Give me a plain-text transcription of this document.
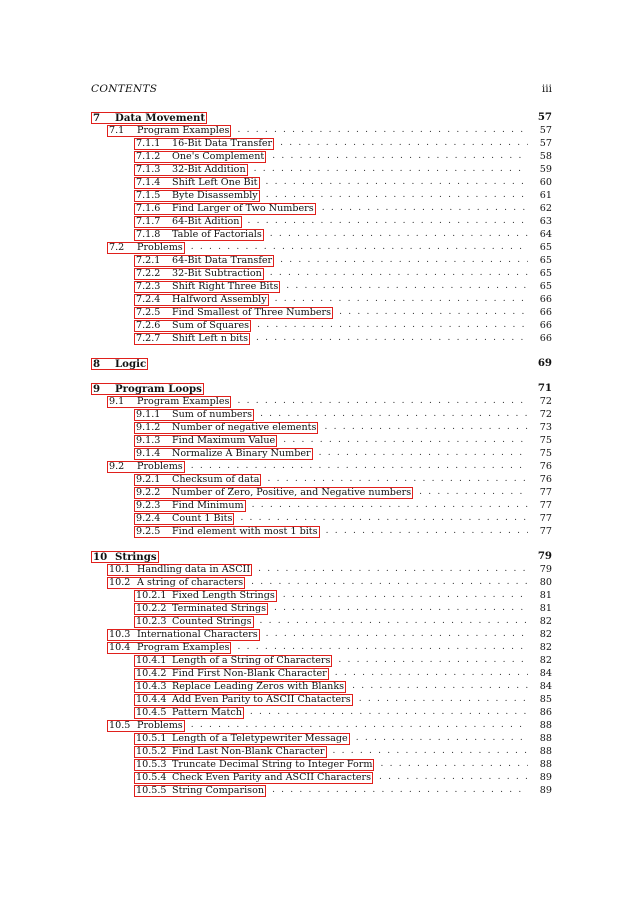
CONTENTS	iii
7	Data Movement	57
7.1	Program Examples . . .	57
7.1.1	16-Bit Data Transfer . . .	57
7.1.2	One's Complement . . .	58
7.1.3	32-Bit Addition . . .	59
7.1.4	Shift Left One Bit . . .	60
7.1.5	Byte Disassembly . . .	61
7.1.6	Find Larger of Two Numbers . . .	62
7.1.7	64-Bit Adition . . .	63
7.1.8	Table of Factorials . . .	64
7.2	Problems . . .	65
7.2.1	64-Bit Data Transfer . . .	65
7.2.2	32-Bit Subtraction . . .	65
7.2.3	Shift Right Three Bits . . .	65
7.2.4	Halfword Assembly . . .	66
7.2.5	Find Smallest of Three Numbers . . .	66
7.2.6	Sum of Squares . . .	66
7.2.7	Shift Left n bits . . .	66
8	Logic	69
9	Program Loops	71
9.1	Program Examples . . .	72
9.1.1	Sum of numbers . . .	72
9.1.2	Number of negative elements . . .	73
9.1.3	Find Maximum Value . . .	75
9.1.4	Normalize A Binary Number . . .	75
9.2	Problems . . .	76
9.2.1	Checksum of data . . .	76
9.2.2	Number of Zero, Positive, and Negative numbers . . .	77
9.2.3	Find Minimum . . .	77
9.2.4	Count 1 Bits . . .	77
9.2.5	Find element with most 1 bits . . .	77
10 Strings	79
10.1 Handling data in ASCII . . .	79
10.2 A string of characters . . .	80
10.2.1 Fixed Length Strings . . .	81
10.2.2 Terminated Strings . . .	81
10.2.3 Counted Strings . . .	82
10.3 International Characters . . .	82
10.4 Program Examples . . .	82
10.4.1 Length of a String of Characters . . .	82
10.4.2 Find First Non-Blank Character . . .	84
10.4.3 Replace Leading Zeros with Blanks . . .	84
10.4.4 Add Even Parity to ASCII Chatacters . . .	85
10.4.5 Pattern Match . . .	86
10.5 Problems . . .	88
10.5.1 Length of a Teletypewriter Message . . .	88
10.5.2 Find Last Non-Blank Character . . .	88
10.5.3 Truncate Decimal String to Integer Form . . .	88
10.5.4 Check Even Parity and ASCII Characters . . .	89
10.5.5 String Comparison . . .	89
